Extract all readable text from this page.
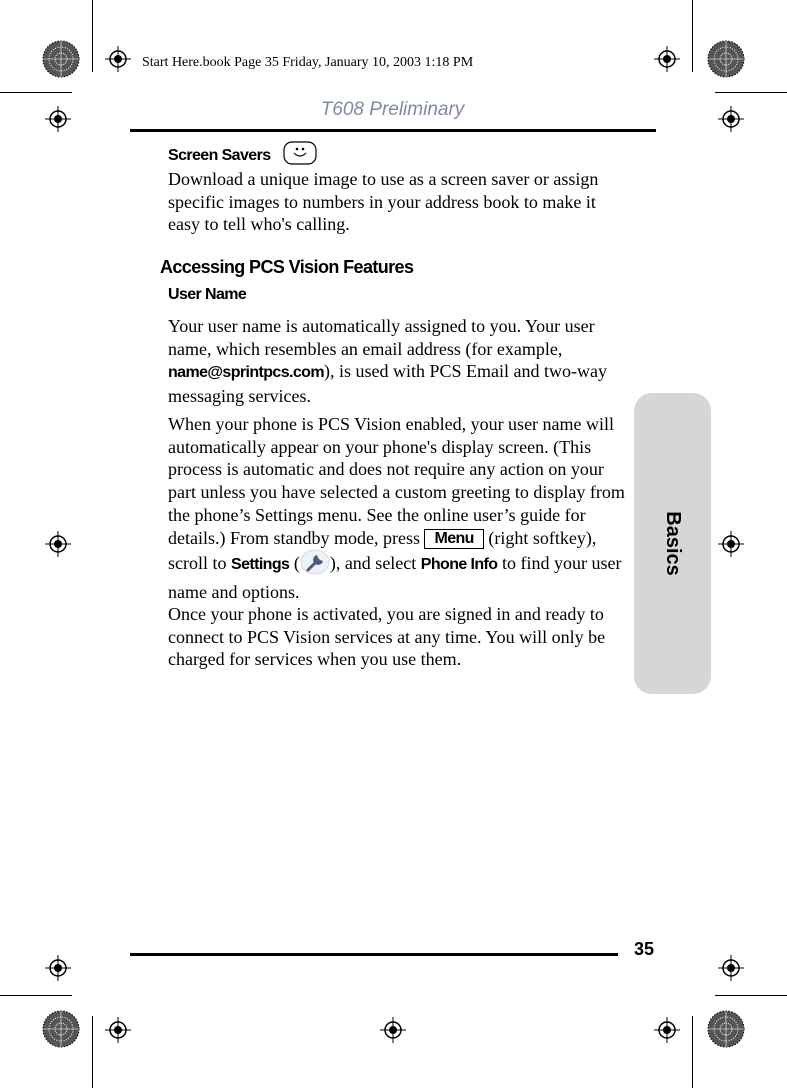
Start Here.book Page 35 Friday, January 10, 2003 1:18 PM
T608 Preliminary
Screen Savers

Download a unique image to use as a screen saver or assign specific images to numbers in your address book to make it easy to tell who's calling.

Accessing PCS Vision Features
User Name

Your user name is automatically assigned to you. Your user name, which resembles an email address (for example, name@sprintpcs.com), is used with PCS Email and two-way messaging services.

When your phone is PCS Vision enabled, your user name will automatically appear on your phone's display screen. (This process is automatic and does not require any action on your part unless you have selected a custom greeting to display from the phone’s Settings menu. See the online user’s guide for details.) From standby mode, press Menu (right softkey), scroll to Settings ( ), and select Phone Info to find your user name and options.

Once your phone is activated, you are signed in and ready to connect to PCS Vision services at any time. You will only be charged for services when you use them.
Basics
35
